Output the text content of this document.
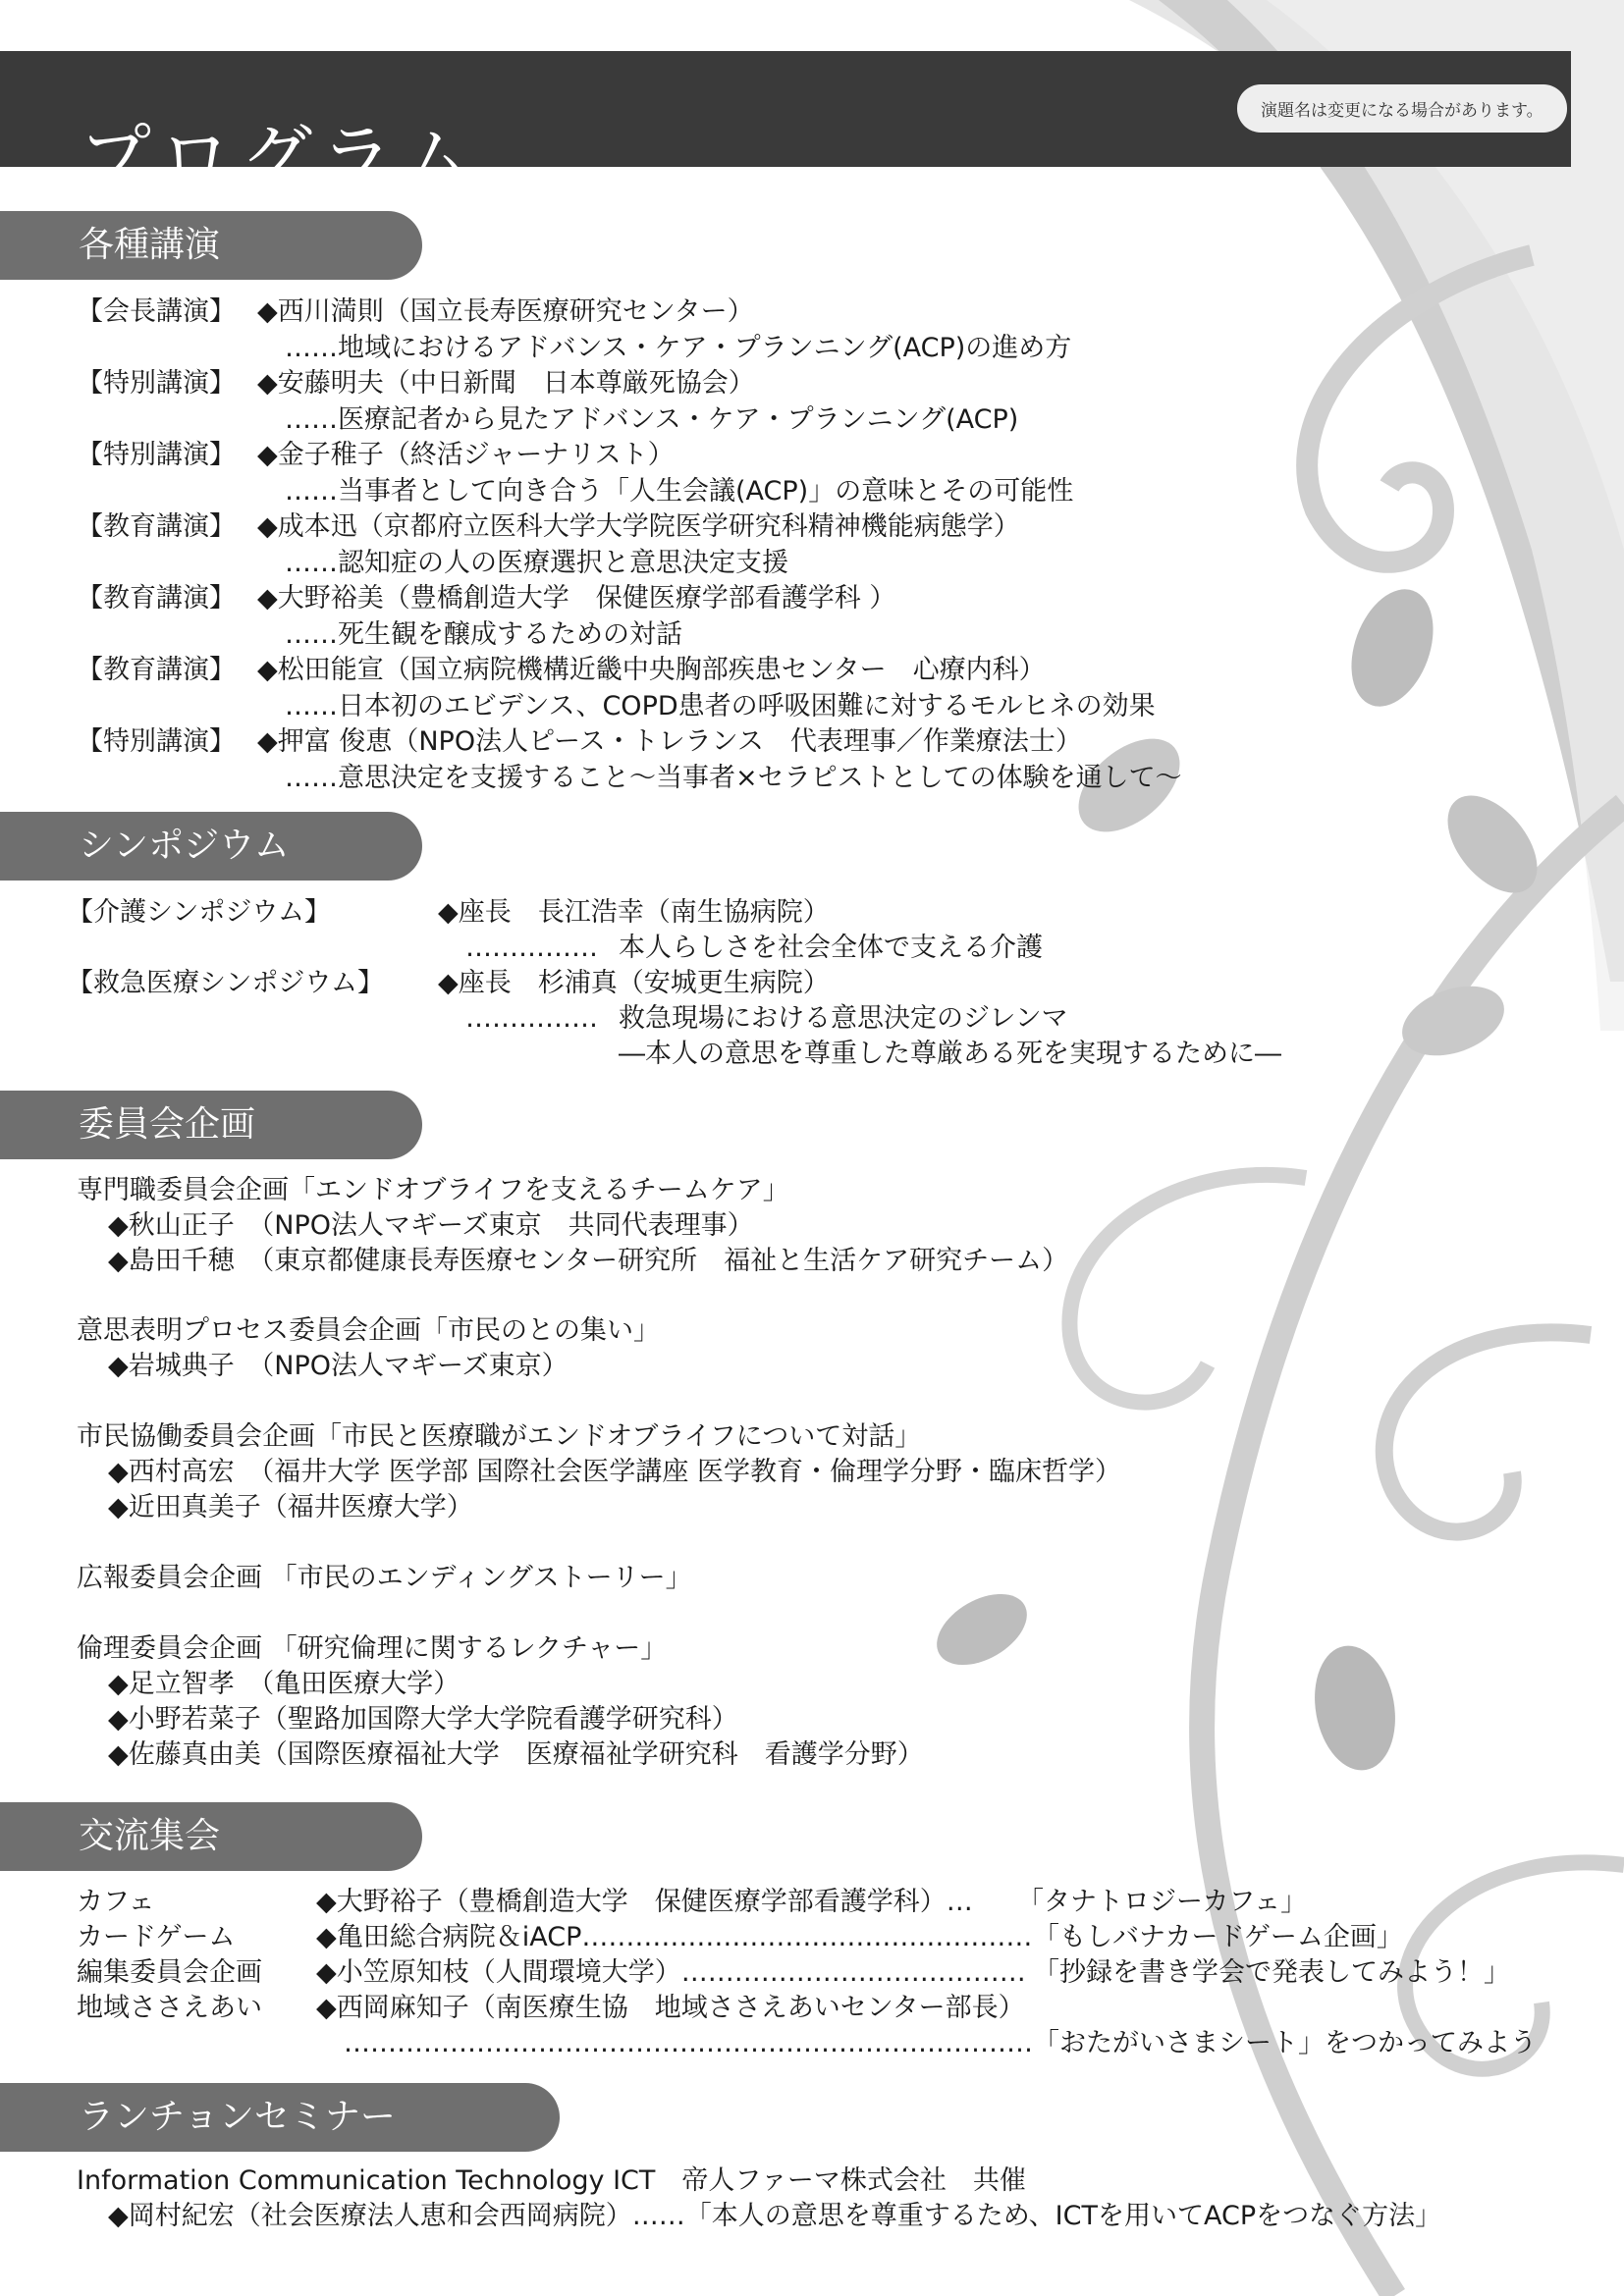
プログラム
演題名は変更になる場合があります。
各種講演
【会長講演】 ◆西川満則（国立長寿医療研究センター）
……地域におけるアドバンス・ケア・プランニング(ACP)の進め方
【特別講演】 ◆安藤明夫（中日新聞　日本尊厳死協会）
……医療記者から見たアドバンス・ケア・プランニング(ACP)
【特別講演】 ◆金子稚子（終活ジャーナリスト）
……当事者として向き合う「人生会議(ACP)」の意味とその可能性
【教育講演】 ◆成本迅（京都府立医科大学大学院医学研究科精神機能病態学）
……認知症の人の医療選択と意思決定支援
【教育講演】 ◆大野裕美（豊橋創造大学　保健医療学部看護学科 ）
……死生観を醸成するための対話
【教育講演】 ◆松田能宣（国立病院機構近畿中央胸部疾患センター　心療内科）
……日本初のエビデンス、COPD患者の呼吸困難に対するモルヒネの効果
【特別講演】 ◆押富 俊恵（NPO法人ピース・トレランス　代表理事／作業療法士）
……意思決定を支援すること～当事者×セラピストとしての体験を通して～
シンポジウム
【介護シンポジウム】	◆座長　長江浩幸（南生協病院）
…………… 本人らしさを社会全体で支える介護
【救急医療シンポジウム】 ◆座長　杉浦真（安城更生病院）
…………… 救急現場における意思決定のジレンマ
―本人の意思を尊重した尊厳ある死を実現するために―
委員会企画
専門職委員会企画「エンドオブライフを支えるチームケア」
◆秋山正子　（NPO法人マギーズ東京　共同代表理事）
◆島田千穂　（東京都健康長寿医療センター研究所　福祉と生活ケア研究チーム）
意思表明プロセス委員会企画「市民のとの集い」
◆岩城典子　（NPO法人マギーズ東京）
市民協働委員会企画「市民と医療職がエンドオブライフについて対話」
◆西村高宏　（福井大学 医学部 国際社会医学講座 医学教育・倫理学分野・臨床哲学）
◆近田真美子（福井医療大学）
広報委員会企画 「市民のエンディングストーリー」
倫理委員会企画 「研究倫理に関するレクチャー」
◆足立智孝　（亀田医療大学）
◆小野若菜子（聖路加国際大学大学院看護学研究科）
◆佐藤真由美（国際医療福祉大学　医療福祉学研究科　看護学分野）
交流集会
カフェ	◆大野裕子（豊橋創造大学　保健医療学部看護学科）… 「タナトロジーカフェ」
カードゲーム	◆亀田総合病院＆iACP…………………………………………… 「もしバナカードゲーム企画」
編集委員会企画 ◆小笠原知枝（人間環境大学）………………………………… 「抄録を書き学会で発表してみよう！」
地域ささえあい ◆西岡麻知子（南医療生協　地域ささえあいセンター部長）
……………………………………………………………………「おたがいさまシート」をつかってみよう
ランチョンセミナー
Information Communication Technology ICT　帝人ファーマ株式会社　共催
◆岡村紀宏（社会医療法人恵和会西岡病院）……「本人の意思を尊重するため、ICTを用いてACPをつなぐ方法」
